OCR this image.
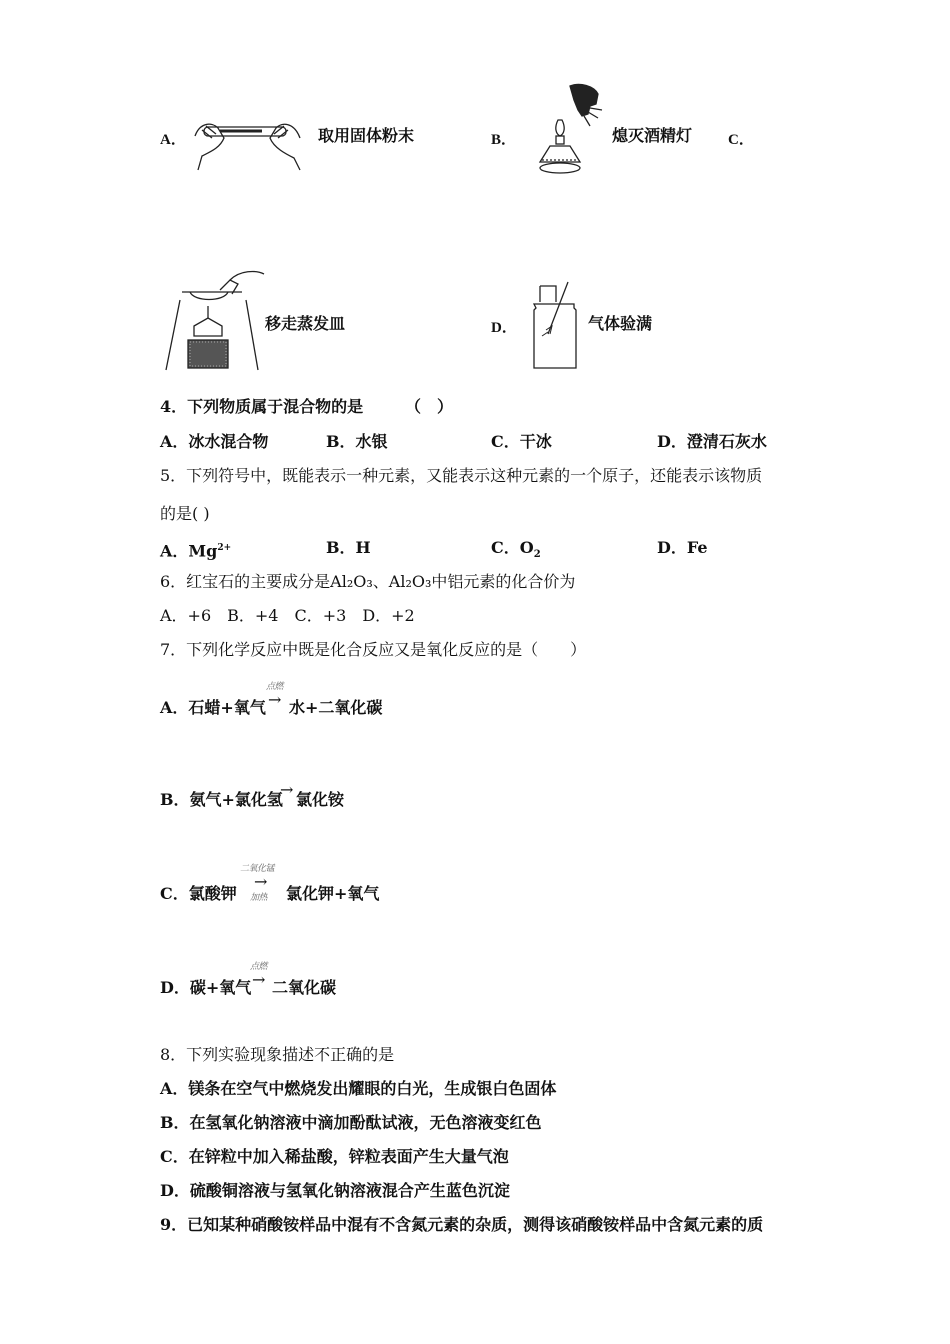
A．	取用固体粉末	B．	熄灭酒精灯 C．
移走蒸发皿	D．	气体验满
4．下列物质属于混合物的是	（　）
A．冰水混合物	B．水银	C．干冰	D．澄清石灰水
5．下列符号中，既能表示一种元素，又能表示这种元素的一个原子，还能表示该物质
的是( )
A．$Mg^{2+}$	B．H	C．$O_2$	D．Fe
6．红宝石的主要成分是Al₂O₃、Al₂O₃中铝元素的化合价为
A．+6　B．+4　C．+3　D．+2
7．下列化学反应中既是化合反应又是氧化反应的是（　　）
A．石蜡+氧气
点燃
→ 水+二氧化碳
B．氨气+氯化氢
→
氯化铵
C．氯酸钾
二氧化锰
→
加热 氯化钾+氧气
D．碳+氧气
点燃
→ 二氧化碳
8．下列实验现象描述不正确的是
A．镁条在空气中燃烧发出耀眼的白光，生成银白色固体
B．在氢氧化钠溶液中滴加酚酞试液，无色溶液变红色
C．在锌粒中加入稀盐酸，锌粒表面产生大量气泡
D．硫酸铜溶液与氢氧化钠溶液混合产生蓝色沉淀
9．已知某种硝酸铵样品中混有不含氮元素的杂质，测得该硝酸铵样品中含氮元素的质
